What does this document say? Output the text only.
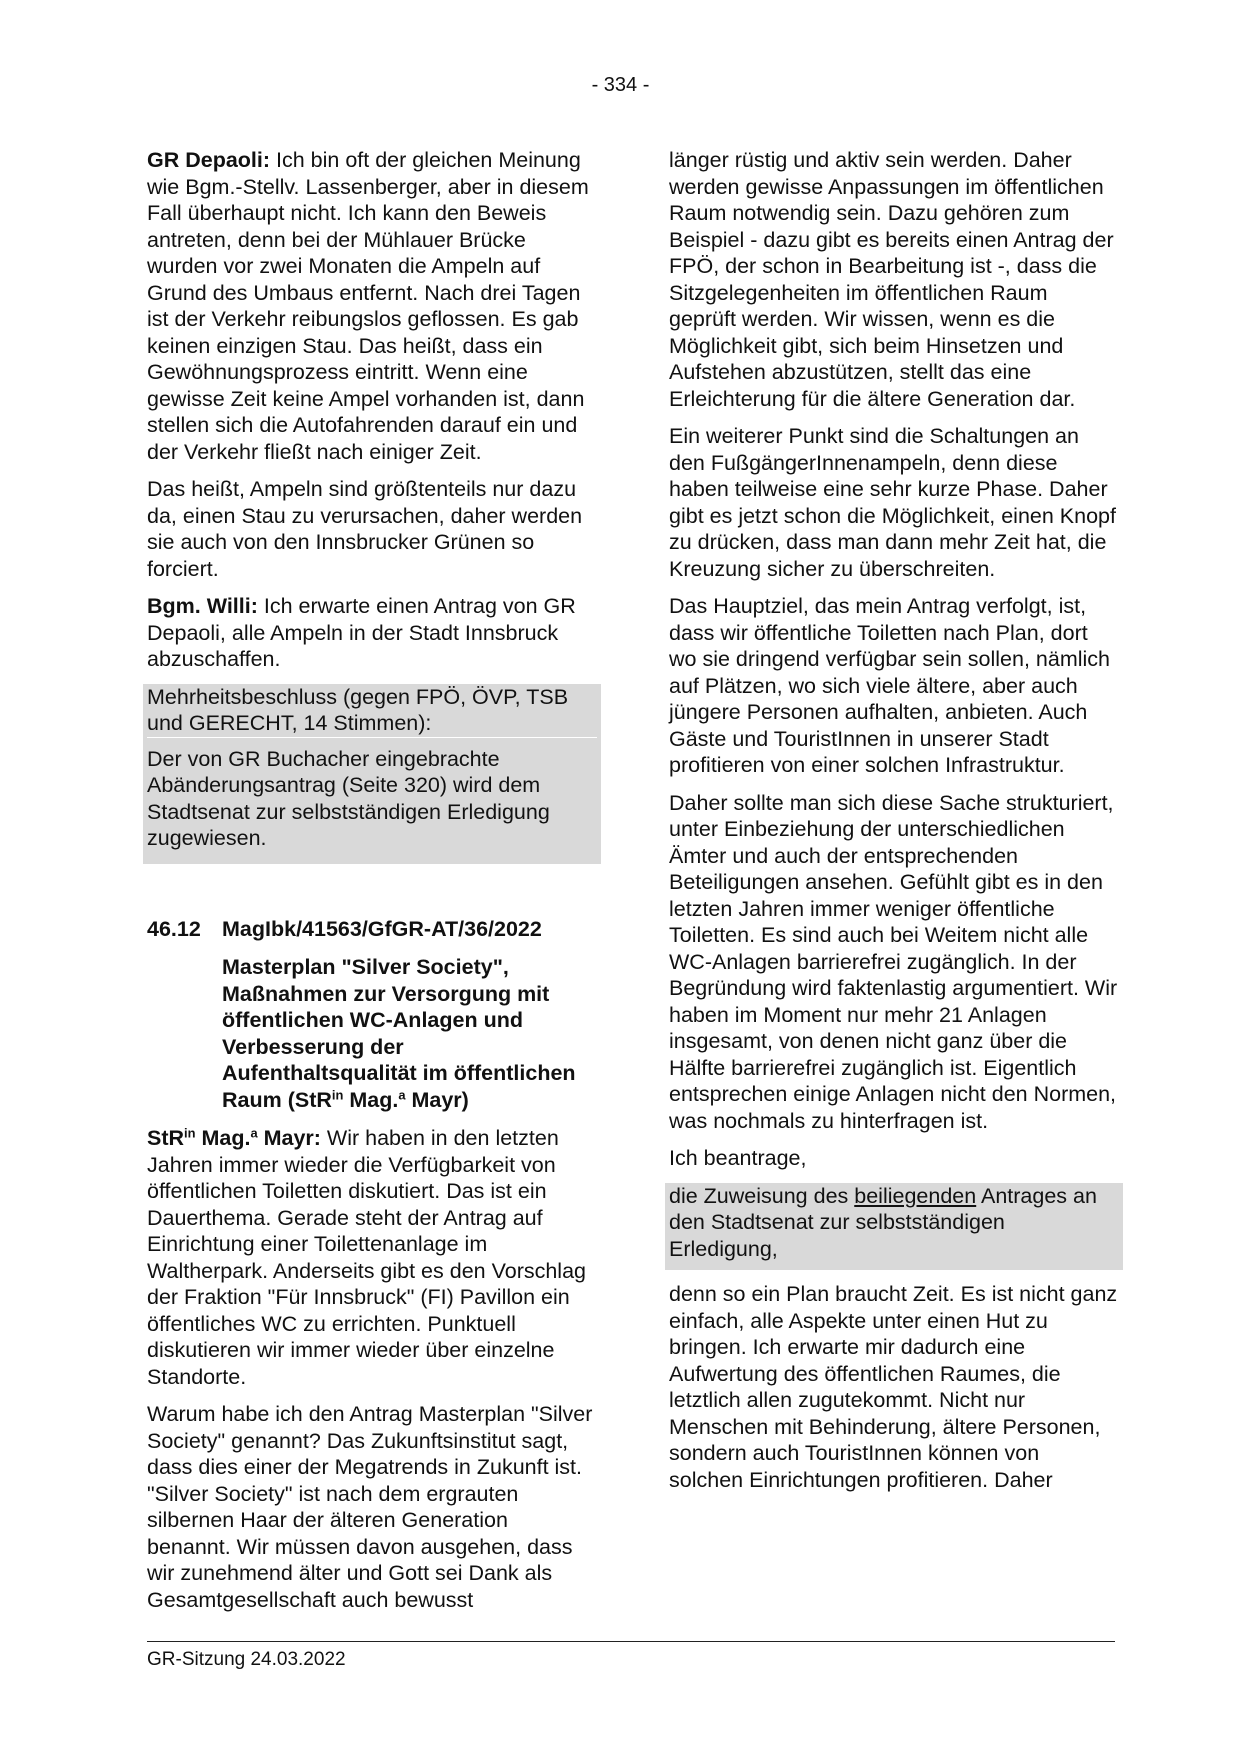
- 334 -

GR Depaoli: Ich bin oft der gleichen Meinung wie Bgm.-Stellv. Lassenberger, aber in diesem Fall überhaupt nicht. Ich kann den Beweis antreten, denn bei der Mühlauer Brücke wurden vor zwei Monaten die Ampeln auf Grund des Umbaus entfernt. Nach drei Tagen ist der Verkehr reibungslos geflossen. Es gab keinen einzigen Stau. Das heißt, dass ein Gewöhnungsprozess eintritt. Wenn eine gewisse Zeit keine Ampel vorhanden ist, dann stellen sich die Autofahrenden darauf ein und der Verkehr fließt nach einiger Zeit.

Das heißt, Ampeln sind größtenteils nur dazu da, einen Stau zu verursachen, daher werden sie auch von den Innsbrucker Grünen so forciert.

Bgm. Willi: Ich erwarte einen Antrag von GR Depaoli, alle Ampeln in der Stadt Innsbruck abzuschaffen.

Mehrheitsbeschluss (gegen FPÖ, ÖVP, TSB und GERECHT, 14 Stimmen):

Der von GR Buchacher eingebrachte Abänderungsantrag (Seite 320) wird dem Stadtsenat zur selbstständigen Erledigung zugewiesen.

46.12 MagIbk/41563/GfGR-AT/36/2022
Masterplan "Silver Society", Maßnahmen zur Versorgung mit öffentlichen WC-Anlagen und Verbesserung der Aufenthaltsqualität im öffentlichen Raum (StR$^{in}$ Mag.$^a$ Mayr)

StR$^{in}$ Mag.$^a$ Mayr: Wir haben in den letzten Jahren immer wieder die Verfügbarkeit von öffentlichen Toiletten diskutiert. Das ist ein Dauerthema. Gerade steht der Antrag auf Einrichtung einer Toilettenanlage im Waltherpark. Anderseits gibt es den Vorschlag der Fraktion "Für Innsbruck" (FI) Pavillon ein öffentliches WC zu errichten. Punktuell diskutieren wir immer wieder über einzelne Standorte.

Warum habe ich den Antrag Masterplan "Silver Society" genannt? Das Zukunftsinstitut sagt, dass dies einer der Megatrends in Zukunft ist. "Silver Society" ist nach dem ergrauten silbernen Haar der älteren Generation benannt. Wir müssen davon ausgehen, dass wir zunehmend älter und Gott sei Dank als Gesamtgesellschaft auch bewusst

länger rüstig und aktiv sein werden. Daher werden gewisse Anpassungen im öffentlichen Raum notwendig sein. Dazu gehören zum Beispiel - dazu gibt es bereits einen Antrag der FPÖ, der schon in Bearbeitung ist -, dass die Sitzgelegenheiten im öffentlichen Raum geprüft werden. Wir wissen, wenn es die Möglichkeit gibt, sich beim Hinsetzen und Aufstehen abzustützen, stellt das eine Erleichterung für die ältere Generation dar.

Ein weiterer Punkt sind die Schaltungen an den FußgängerInnenampeln, denn diese haben teilweise eine sehr kurze Phase. Daher gibt es jetzt schon die Möglichkeit, einen Knopf zu drücken, dass man dann mehr Zeit hat, die Kreuzung sicher zu überschreiten.

Das Hauptziel, das mein Antrag verfolgt, ist, dass wir öffentliche Toiletten nach Plan, dort wo sie dringend verfügbar sein sollen, nämlich auf Plätzen, wo sich viele ältere, aber auch jüngere Personen aufhalten, anbieten. Auch Gäste und TouristInnen in unserer Stadt profitieren von einer solchen Infrastruktur.

Daher sollte man sich diese Sache strukturiert, unter Einbeziehung der unterschiedlichen Ämter und auch der entsprechenden Beteiligungen ansehen. Gefühlt gibt es in den letzten Jahren immer weniger öffentliche Toiletten. Es sind auch bei Weitem nicht alle WC-Anlagen barrierefrei zugänglich. In der Begründung wird faktenlastig argumentiert. Wir haben im Moment nur mehr 21 Anlagen insgesamt, von denen nicht ganz über die Hälfte barrierefrei zugänglich ist. Eigentlich entsprechen einige Anlagen nicht den Normen, was nochmals zu hinterfragen ist.

Ich beantrage,

die Zuweisung des beiliegenden Antrages an den Stadtsenat zur selbstständigen Erledigung,

denn so ein Plan braucht Zeit. Es ist nicht ganz einfach, alle Aspekte unter einen Hut zu bringen. Ich erwarte mir dadurch eine Aufwertung des öffentlichen Raumes, die letztlich allen zugutekommt. Nicht nur Menschen mit Behinderung, ältere Personen, sondern auch TouristInnen können von solchen Einrichtungen profitieren. Daher

GR-Sitzung 24.03.2022
